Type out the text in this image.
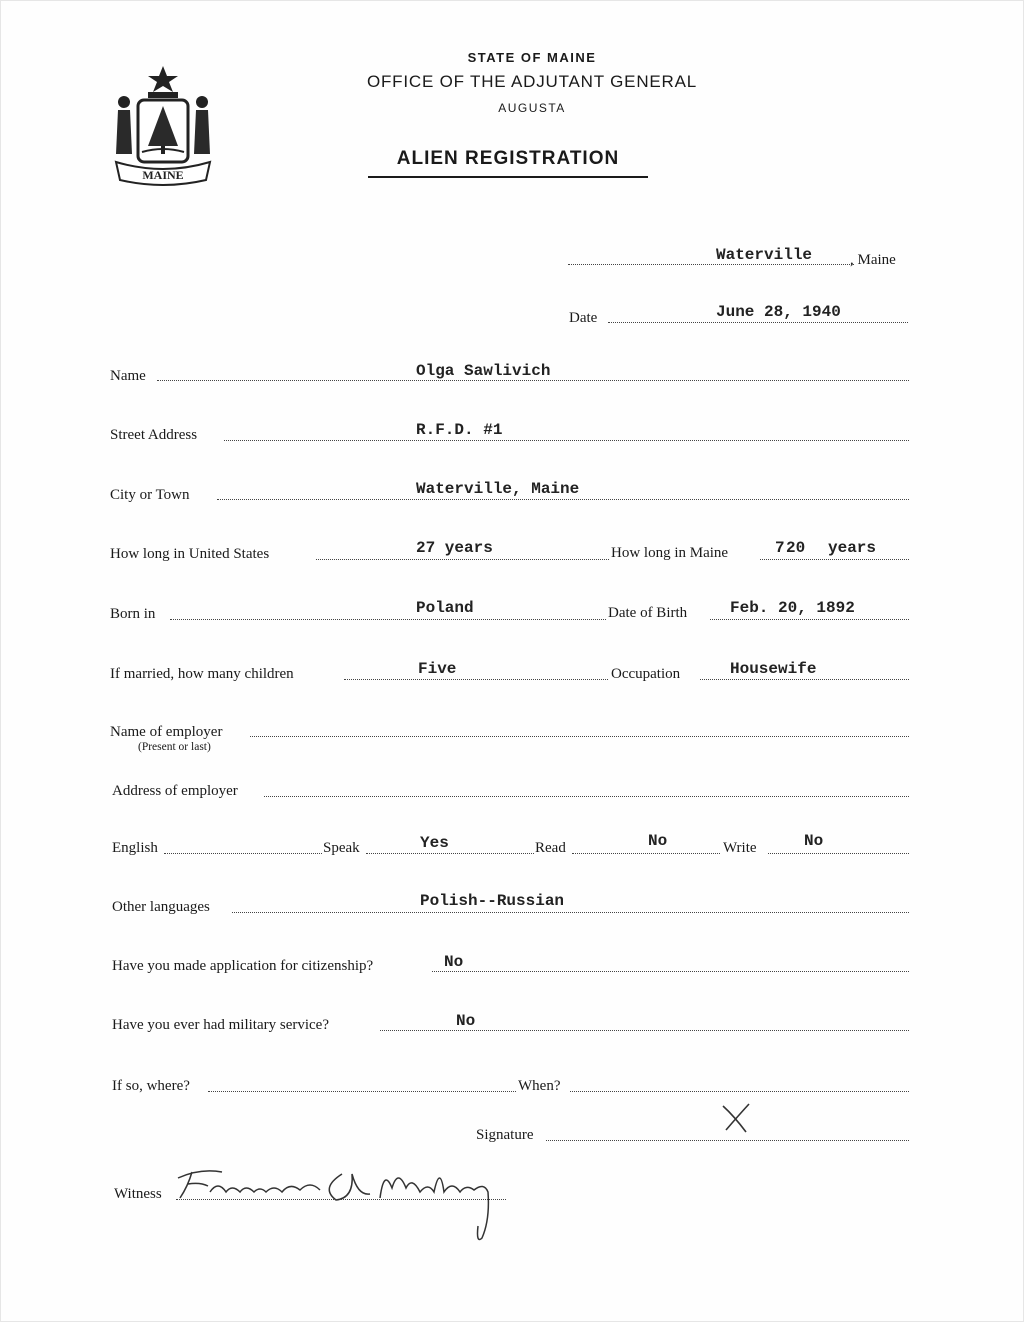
MAINE
STATE OF MAINE
OFFICE OF THE ADJUTANT GENERAL
AUGUSTA
ALIEN REGISTRATION
Waterville	, Maine
Date	June 28, 1940
Name	Olga Sawlivich
Street Address	R.F.D. #1
City or Town	Waterville, Maine
How long in United States	27 years	How long in Maine	7 20 years
Born in	Poland	Date of Birth	Feb. 20, 1892
If married, how many children	Five	Occupation	Housewife
Name of employer
(Present or last)
Address of employer
English	Speak	Yes	Read	No	Write	No
Other languages	Polish--Russian
Have you made application for citizenship?	No
Have you ever had military service?	No
If so, where?	When?
Signature	X
Witness
